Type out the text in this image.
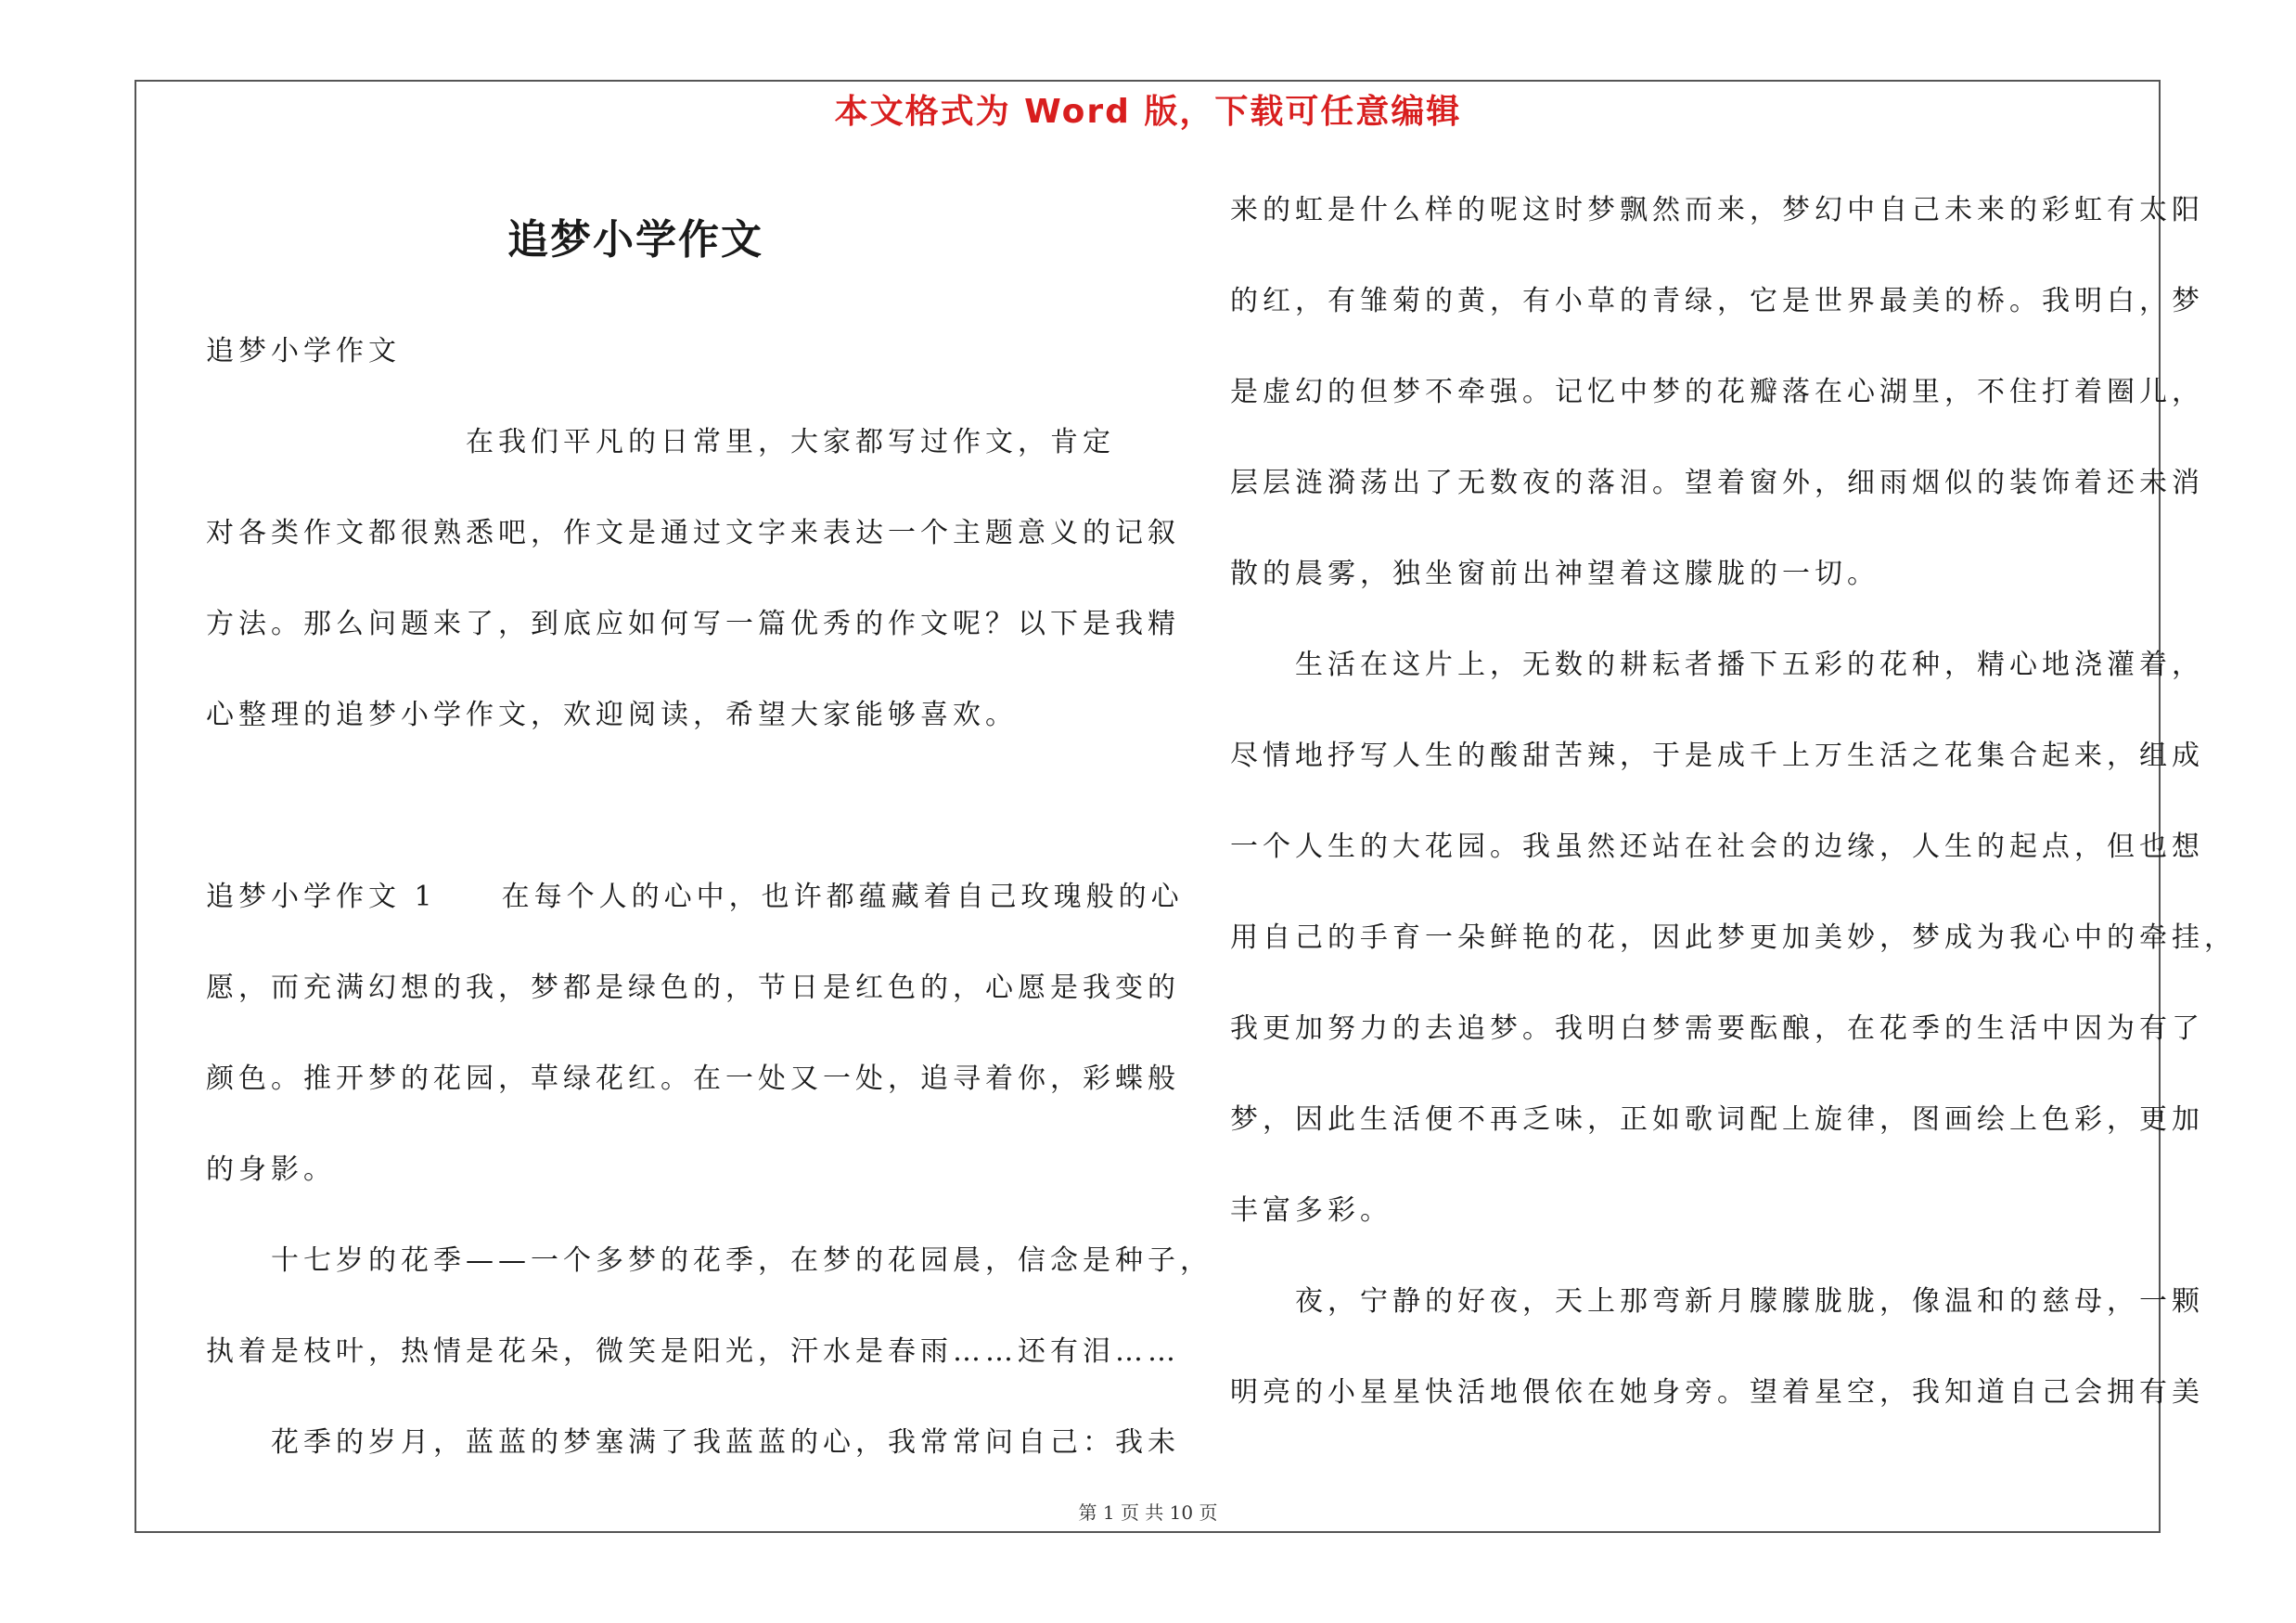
本文格式为 Word 版，下载可任意编辑
追梦小学作文
追梦小学作文
　　　　　　　　在我们平凡的日常里，大家都写过作文，肯定
对各类作文都很熟悉吧，作文是通过文字来表达一个主题意义的记叙
方法。那么问题来了，到底应如何写一篇优秀的作文呢？以下是我精
心整理的追梦小学作文，欢迎阅读，希望大家能够喜欢。
追梦小学作文 1　　在每个人的心中，也许都蕴藏着自己玫瑰般的心
愿，而充满幻想的我，梦都是绿色的，节日是红色的，心愿是我变的
颜色。推开梦的花园，草绿花红。在一处又一处，追寻着你，彩蝶般
的身影。
　　十七岁的花季——一个多梦的花季，在梦的花园晨，信念是种子，
执着是枝叶，热情是花朵，微笑是阳光，汗水是春雨……还有泪……
　　花季的岁月，蓝蓝的梦塞满了我蓝蓝的心，我常常问自己：我未
来的虹是什么样的呢这时梦飘然而来，梦幻中自己未来的彩虹有太阳
的红，有雏菊的黄，有小草的青绿，它是世界最美的桥。我明白，梦
是虚幻的但梦不牵强。记忆中梦的花瓣落在心湖里，不住打着圈儿，
层层涟漪荡出了无数夜的落泪。望着窗外，细雨烟似的装饰着还未消
散的晨雾，独坐窗前出神望着这朦胧的一切。
　　生活在这片上，无数的耕耘者播下五彩的花种，精心地浇灌着，
尽情地抒写人生的酸甜苦辣，于是成千上万生活之花集合起来，组成
一个人生的大花园。我虽然还站在社会的边缘，人生的起点，但也想
用自己的手育一朵鲜艳的花，因此梦更加美妙，梦成为我心中的牵挂，
我更加努力的去追梦。我明白梦需要酝酿，在花季的生活中因为有了
梦，因此生活便不再乏味，正如歌词配上旋律，图画绘上色彩，更加
丰富多彩。
　　夜，宁静的好夜，天上那弯新月朦朦胧胧，像温和的慈母，一颗
明亮的小星星快活地偎依在她身旁。望着星空，我知道自己会拥有美
第 1 页 共 10 页
